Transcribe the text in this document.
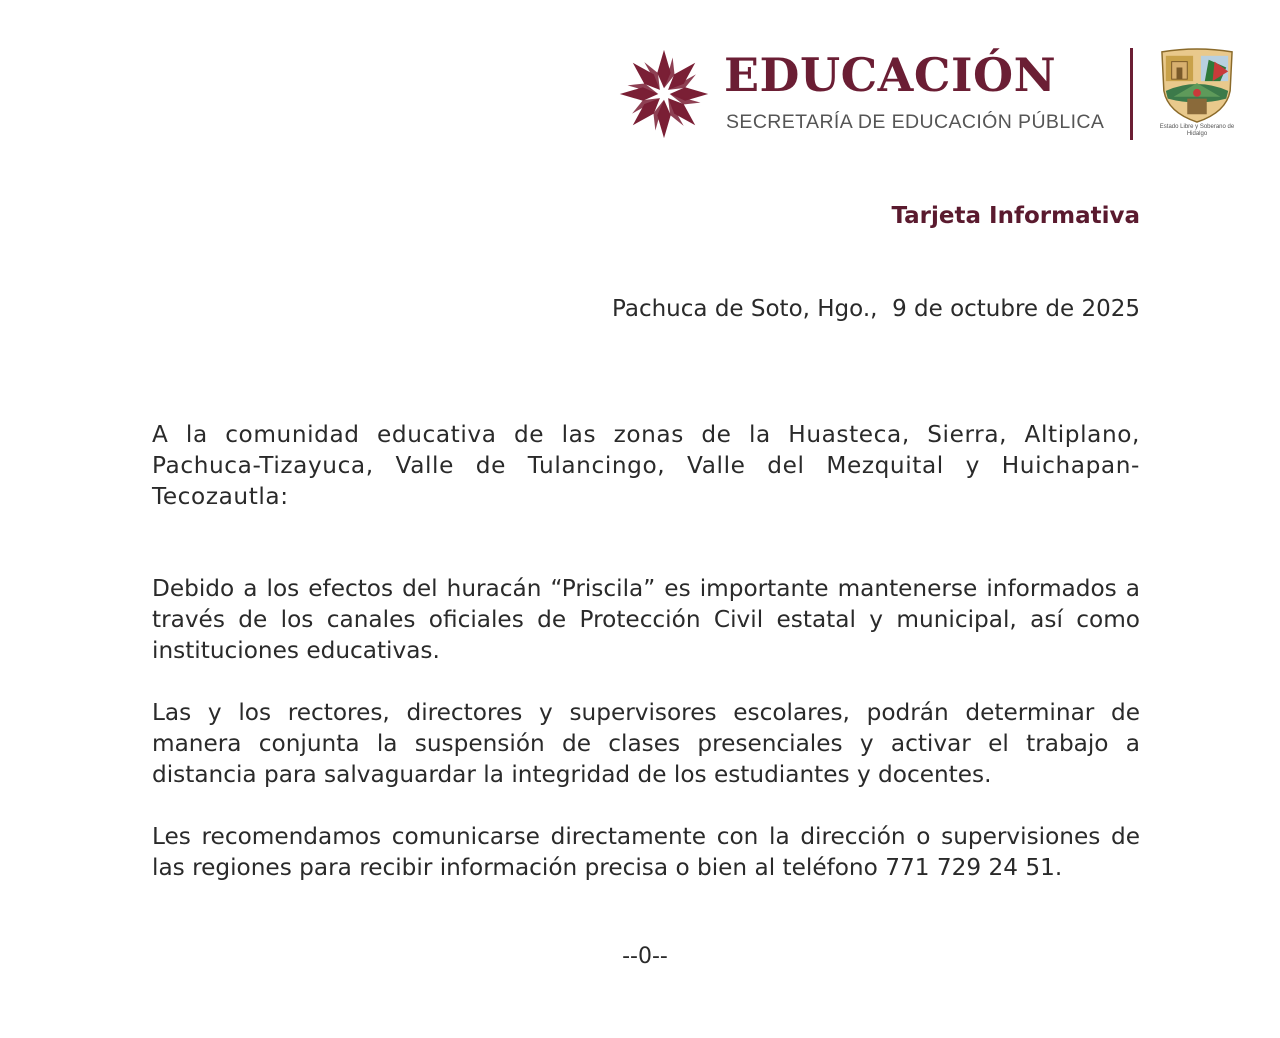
EDUCACIÓN
SECRETARÍA DE EDUCACIÓN PÚBLICA	Estado Libre y Soberano de Hidalgo
Tarjeta Informativa
Pachuca de Soto, Hgo.,  9 de octubre de 2025

A la comunidad educativa de las zonas de la Huasteca, Sierra, Altiplano, Pachuca-Tizayuca, Valle de Tulancingo, Valle del Mezquital y Huichapan-Tecozautla:

Debido a los efectos del huracán “Priscila” es importante mantenerse informados a través de los canales oficiales de Protección Civil estatal y municipal, así como instituciones educativas.

Las y los rectores, directores y supervisores escolares, podrán determinar de manera conjunta la suspensión de clases presenciales y activar el trabajo a distancia para salvaguardar la integridad de los estudiantes y docentes.

Les recomendamos comunicarse directamente con la dirección o supervisiones de las regiones para recibir información precisa o bien al teléfono 771 729 24 51.

--0--
